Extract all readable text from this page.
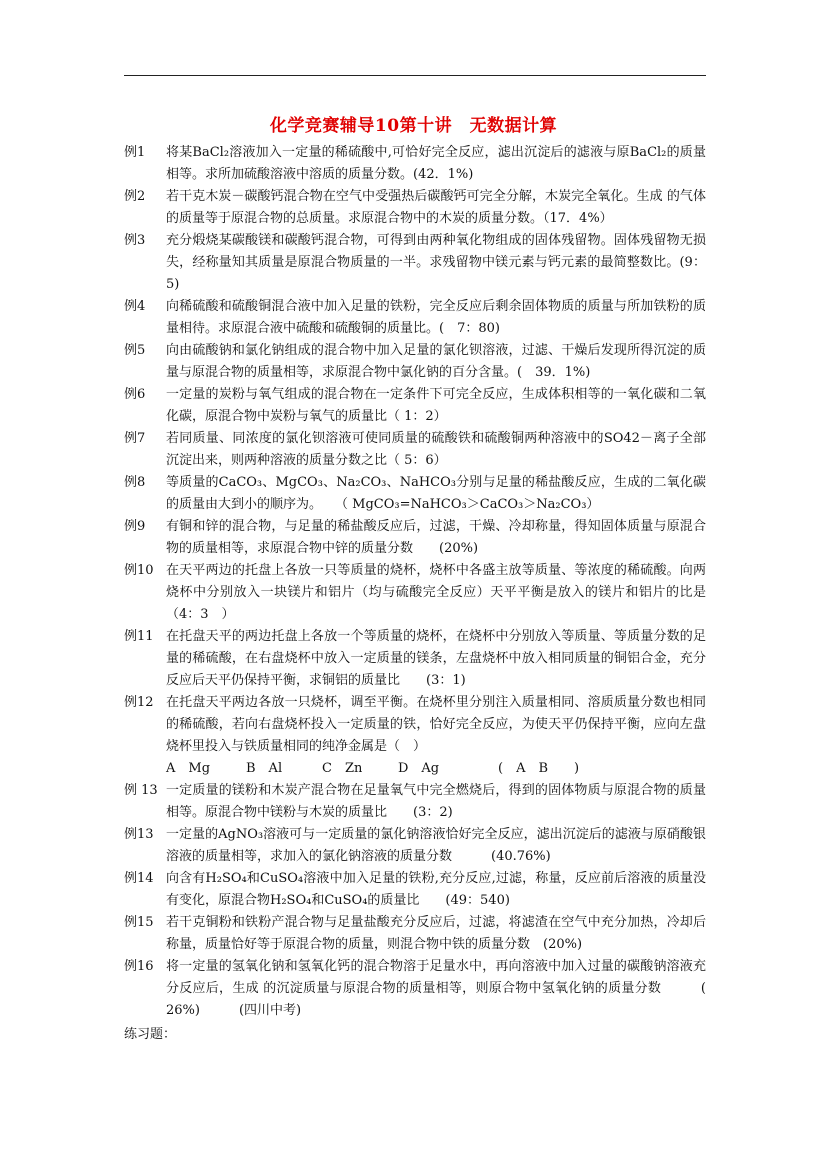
化学竞赛辅导10第十讲　无数据计算
例1	将某BaCl₂溶液加入一定量的稀硫酸中,可恰好完全反应，滤出沉淀后的滤液与原BaCl₂的质量相等。求所加硫酸溶液中溶质的质量分数。(42．1%)
例2	若干克木炭－碳酸钙混合物在空气中受强热后碳酸钙可完全分解，木炭完全氧化。生成 的气体的质量等于原混合物的总质量。求原混合物中的木炭的质量分数。（17．4%）
例3	充分煅烧某碳酸镁和碳酸钙混合物，可得到由两种氧化物组成的固体残留物。固体残留物无损失，经称量知其质量是原混合物质量的一半。求残留物中镁元素与钙元素的最简整数比。(9：5)
例4	向稀硫酸和硫酸铜混合液中加入足量的铁粉，完全反应后剩余固体物质的质量与所加铁粉的质量相待。求原混合液中硫酸和硫酸铜的质量比。(　7：80)
例5	向由硫酸钠和氯化钠组成的混合物中加入足量的氯化钡溶液，过滤、干燥后发现所得沉淀的质量与原混合物的质量相等，求原混合物中氯化钠的百分含量。(　39．1%)
例6	一定量的炭粉与氧气组成的混合物在一定条件下可完全反应，生成体积相等的一氧化碳和二氧化碳，原混合物中炭粉与氧气的质量比（ 1：2）
例7	若同质量、同浓度的氯化钡溶液可使同质量的硫酸铁和硫酸铜两种溶液中的SO42－离子全部沉淀出来，则两种溶液的质量分数之比（ 5：6）
例8	等质量的CaCO₃、MgCO₃、Na₂CO₃、NaHCO₃分别与足量的稀盐酸反应，生成的二氧化碳的质量由大到小的顺序为。　　（ MgCO₃=NaHCO₃＞CaCO₃＞Na₂CO₃）
例9	有铜和锌的混合物，与足量的稀盐酸反应后，过滤，干燥、冷却称量，得知固体质量与原混合物的质量相等，求原混合物中锌的质量分数　　(20%)
例10 在天平两边的托盘上各放一只等质量的烧杯，烧杯中各盛主放等质量、等浓度的稀硫酸。向两烧杯中分别放入一块镁片和铝片（均与硫酸完全反应）天平平衡是放入的镁片和铝片的比是（4：3　）
例11 在托盘天平的两边托盘上各放一个等质量的烧杯，在烧杯中分别放入等质量、等质量分数的足量的稀硫酸，在右盘烧杯中放入一定质量的镁条，左盘烧杯中放入相同质量的铜铝合金，充分反应后天平仍保持平衡，求铜铝的质量比　　(3：1)
例12 在托盘天平两边各放一只烧杯，调至平衡。在烧杯里分别注入质量相同、溶质质量分数也相同的稀硫酸，若向右盘烧杯投入一定质量的铁，恰好完全反应，为使天平仍保持平衡，应向左盘烧杯里投入与铁质量相同的纯净金属是（　）
A　Mg	B　Al	C　Zn	D　Ag	(　A　B　　)
例 13 一定质量的镁粉和木炭产混合物在足量氧气中完全燃烧后，得到的固体物质与原混合物的质量相等。原混合物中镁粉与木炭的质量比　　(3：2)
例13 一定量的AgNO₃溶液可与一定质量的氯化钠溶液恰好完全反应，滤出沉淀后的滤液与原硝酸银溶液的质量相等，求加入的氯化钠溶液的质量分数　　　(40.76%)
例14 向含有H₂SO₄和CuSO₄溶液中加入足量的铁粉,充分反应,过滤，称量，反应前后溶液的质量没有变化，原混合物H₂SO₄和CuSO₄的质量比　　(49：540)
例15 若干克铜粉和铁粉产混合物与足量盐酸充分反应后，过滤，将滤渣在空气中充分加热，冷却后称量，质量恰好等于原混合物的质量，则混合物中铁的质量分数　(20%)
例16 将一定量的氢氧化钠和氢氧化钙的混合物溶于足量水中，再向溶液中加入过量的碳酸钠溶液充分反应后，生成 的沉淀质量与原混合物的质量相等，则原合物中氢氧化钠的质量分数　　　(　 26%)　　　(四川中考)
练习题：
